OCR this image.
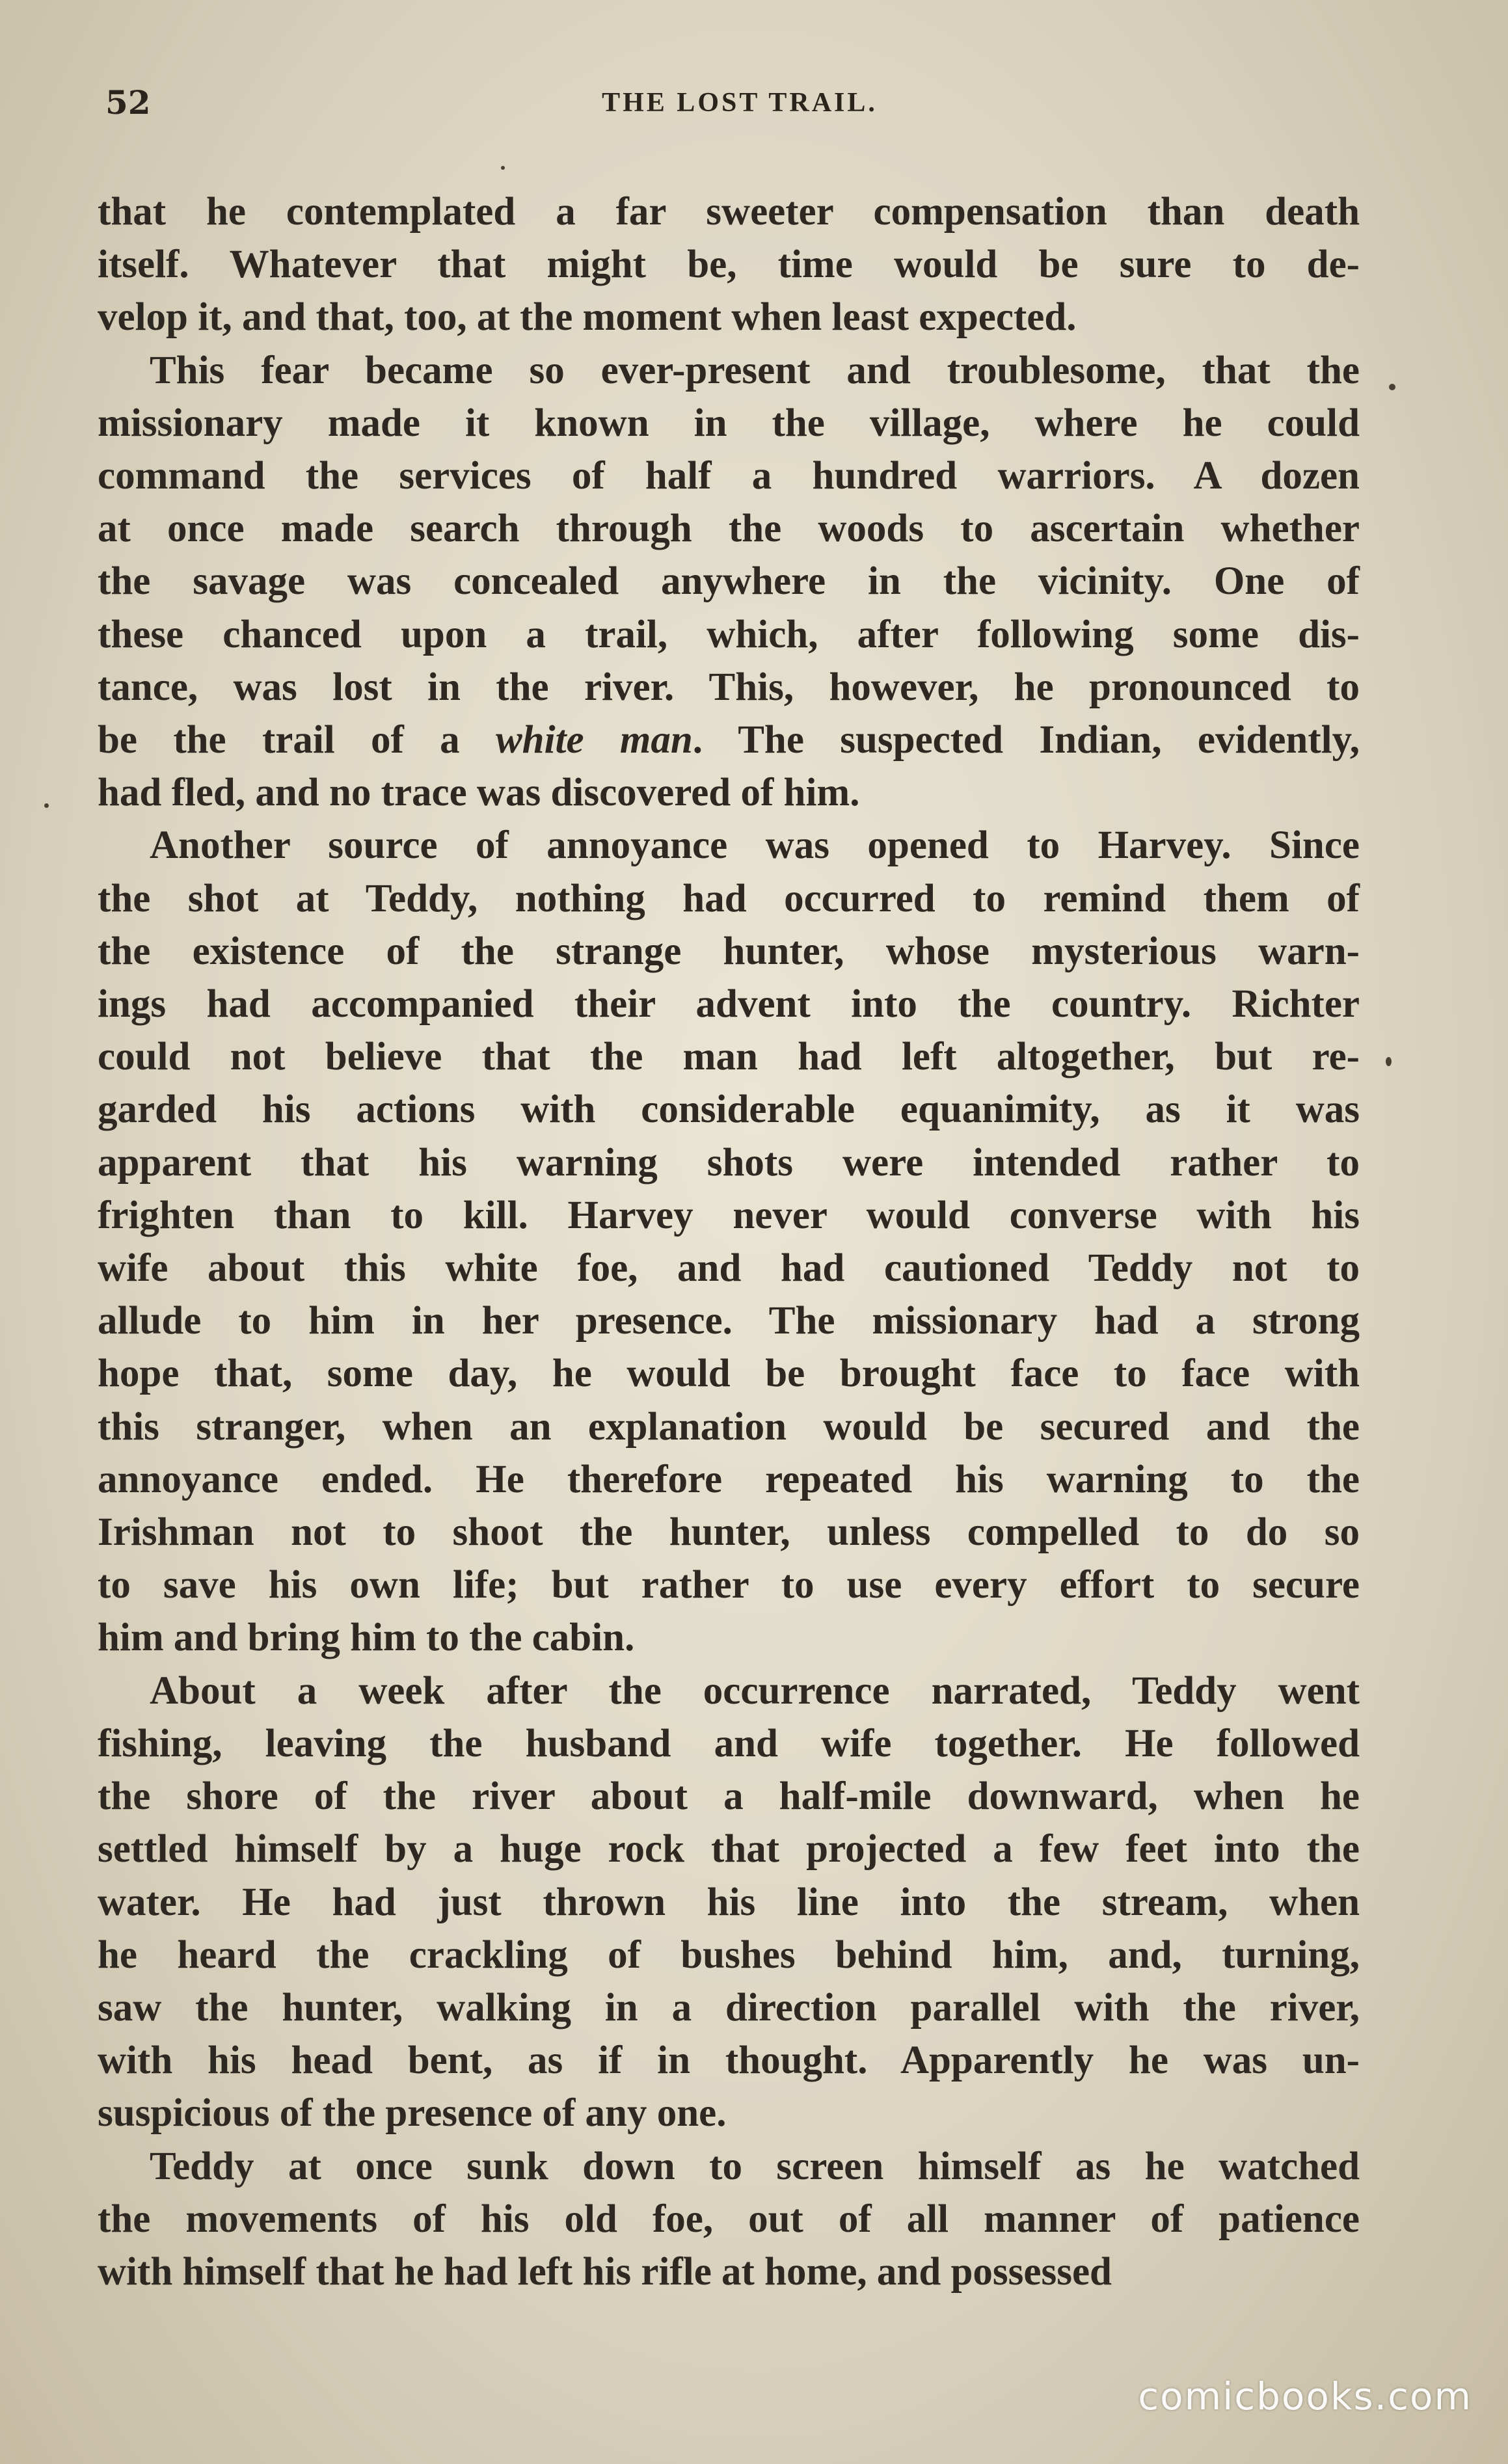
52	THE LOST TRAIL.
that he contemplated a far sweeter compensation than death
itself. Whatever that might be, time would be sure to de-
velop it, and that, too, at the moment when least expected.
This fear became so ever-present and troublesome, that the
missionary made it known in the village, where he could
command the services of half a hundred warriors. A dozen
at once made search through the woods to ascertain whether
the savage was concealed anywhere in the vicinity. One of
these chanced upon a trail, which, after following some dis-
tance, was lost in the river. This, however, he pronounced to
be the trail of a white man. The suspected Indian, evidently,
had fled, and no trace was discovered of him.
Another source of annoyance was opened to Harvey. Since
the shot at Teddy, nothing had occurred to remind them of
the existence of the strange hunter, whose mysterious warn-
ings had accompanied their advent into the country. Richter
could not believe that the man had left altogether, but re-
garded his actions with considerable equanimity, as it was
apparent that his warning shots were intended rather to
frighten than to kill. Harvey never would converse with his
wife about this white foe, and had cautioned Teddy not to
allude to him in her presence. The missionary had a strong
hope that, some day, he would be brought face to face with
this stranger, when an explanation would be secured and the
annoyance ended. He therefore repeated his warning to the
Irishman not to shoot the hunter, unless compelled to do so
to save his own life; but rather to use every effort to secure
him and bring him to the cabin.
About a week after the occurrence narrated, Teddy went
fishing, leaving the husband and wife together. He followed
the shore of the river about a half-mile downward, when he
settled himself by a huge rock that projected a few feet into the
water. He had just thrown his line into the stream, when
he heard the crackling of bushes behind him, and, turning,
saw the hunter, walking in a direction parallel with the river,
with his head bent, as if in thought. Apparently he was un-
suspicious of the presence of any one.
Teddy at once sunk down to screen himself as he watched
the movements of his old foe, out of all manner of patience
with himself that he had left his rifle at home, and possessed
comicbooks.com
